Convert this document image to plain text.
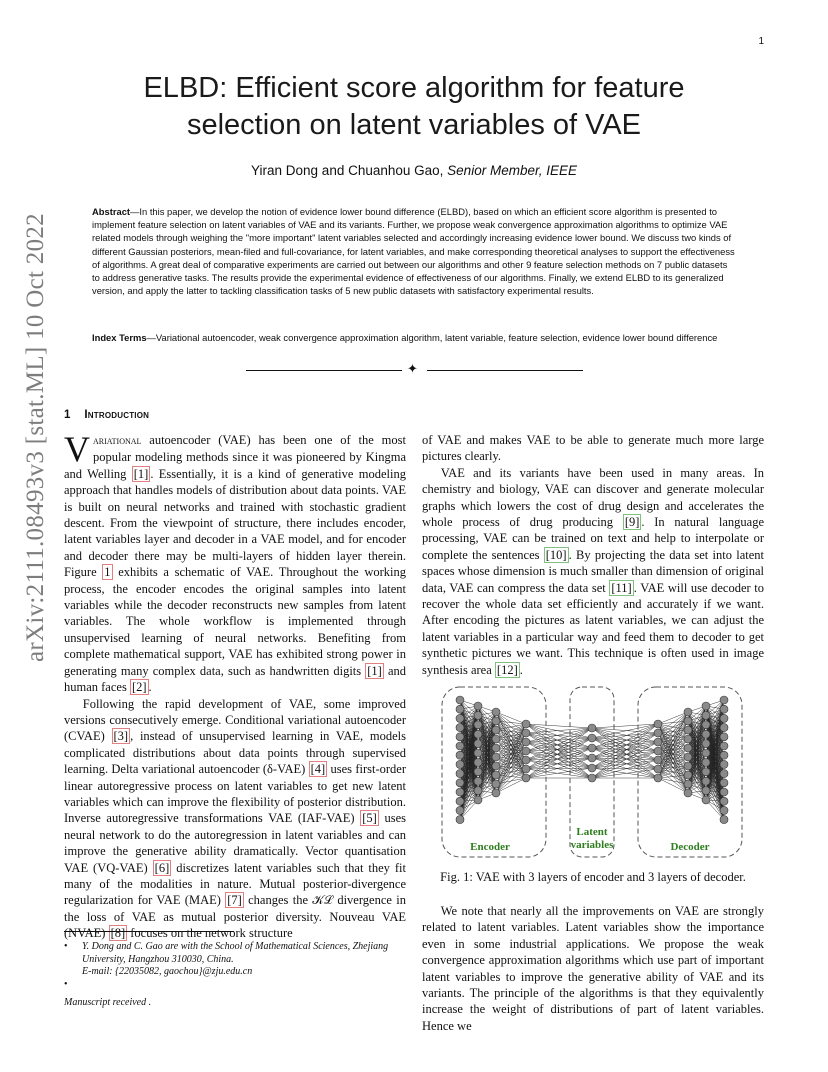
1
arXiv:2111.08493v3 [stat.ML] 10 Oct 2022
ELBD: Efficient score algorithm for feature
selection on latent variables of VAE
Yiran Dong and Chuanhou Gao, Senior Member, IEEE
Abstract—In this paper, we develop the notion of evidence lower bound difference (ELBD), based on which an efficient score algorithm is presented to implement feature selection on latent variables of VAE and its variants. Further, we propose weak convergence approximation algorithms to optimize VAE related models through weighing the "more important" latent variables selected and accordingly increasing evidence lower bound. We discuss two kinds of different Gaussian posteriors, mean-filed and full-covariance, for latent variables, and make corresponding theoretical analyses to support the effectiveness of algorithms. A great deal of comparative experiments are carried out between our algorithms and other 9 feature selection methods on 7 public datasets to address generative tasks. The results provide the experimental evidence of effectiveness of our algorithms. Finally, we extend ELBD to its generalized version, and apply the latter to tackling classification tasks of 5 new public datasets with satisfactory experimental results.
Index Terms—Variational autoencoder, weak convergence approximation algorithm, latent variable, feature selection, evidence lower bound difference
✦
1 Introduction

Variational autoencoder (VAE) has been one of the most popular modeling methods since it was pioneered by Kingma and Welling [1] . Essentially, it is a kind of generative modeling approach that handles models of distribution about data points. VAE is built on neural networks and trained with stochastic gradient descent. From the viewpoint of structure, there includes encoder, latent variables layer and decoder in a VAE model, and for encoder and decoder there may be multi-layers of hidden layer therein. Figure 1 exhibits a schematic of VAE. Throughout the working process, the encoder encodes the original samples into latent variables while the decoder reconstructs new samples from latent variables. The whole workflow is implemented through unsupervised learning of neural networks. Benefiting from complete mathematical support, VAE has exhibited strong power in generating many complex data, such as handwritten digits [1] and human faces [2] .

Following the rapid development of VAE, some improved versions consecutively emerge. Conditional variational autoencoder (CVAE) [3] , instead of unsupervised learning in VAE, models complicated distributions about data points through supervised learning. Delta variational autoencoder (δ-VAE) [4] uses first-order linear autoregressive process on latent variables to get new latent variables which can improve the flexibility of posterior distribution. Inverse autoregressive transformations VAE (IAF-VAE) [5] uses neural network to do the autoregression in latent variables and can improve the generative ability dramatically. Vector quantisation VAE (VQ-VAE) [6] discretizes latent variables such that they fit many of the modalities in nature. Mutual posterior-divergence regularization for VAE (MAE) [7] changes the 𝒦ℒ divergence in the loss of VAE as mutual posterior diversity. Nouveau VAE (NVAE) [8] focuses on the network structure

of VAE and makes VAE to be able to generate much more large pictures clearly.

VAE and its variants have been used in many areas. In chemistry and biology, VAE can discover and generate molecular graphs which lowers the cost of drug design and accelerates the whole process of drug producing [9] . In natural language processing, VAE can be trained on text and help to interpolate or complete the sentences [10] . By projecting the data set into latent spaces whose dimension is much smaller than dimension of original data, VAE can compress the data set [11] . VAE will use decoder to recover the whole data set efficiently and accurately if we want. After encoding the pictures as latent variables, we can adjust the latent variables in a particular way and feed them to decoder to get synthetic pictures we want. This technique is often used in image synthesis area [12] .

Encoder
Latent
variables	Decoder
Fig. 1: VAE with 3 layers of encoder and 3 layers of decoder.

We note that nearly all the improvements on VAE are strongly related to latent variables. Latent variables show the importance even in some industrial applications. We propose the weak convergence approximation algorithms which use part of important latent variables to improve the generative ability of VAE and its variants. The principle of the algorithms is that they equivalently increase the weight of distributions of part of latent variables. Hence we

• Y. Dong and C. Gao are with the School of Mathematical Sciences, Zhejiang University, Hangzhou 310030, China.
E-mail: {22035082, gaochou}@zju.edu.cn
•
Manuscript received .
